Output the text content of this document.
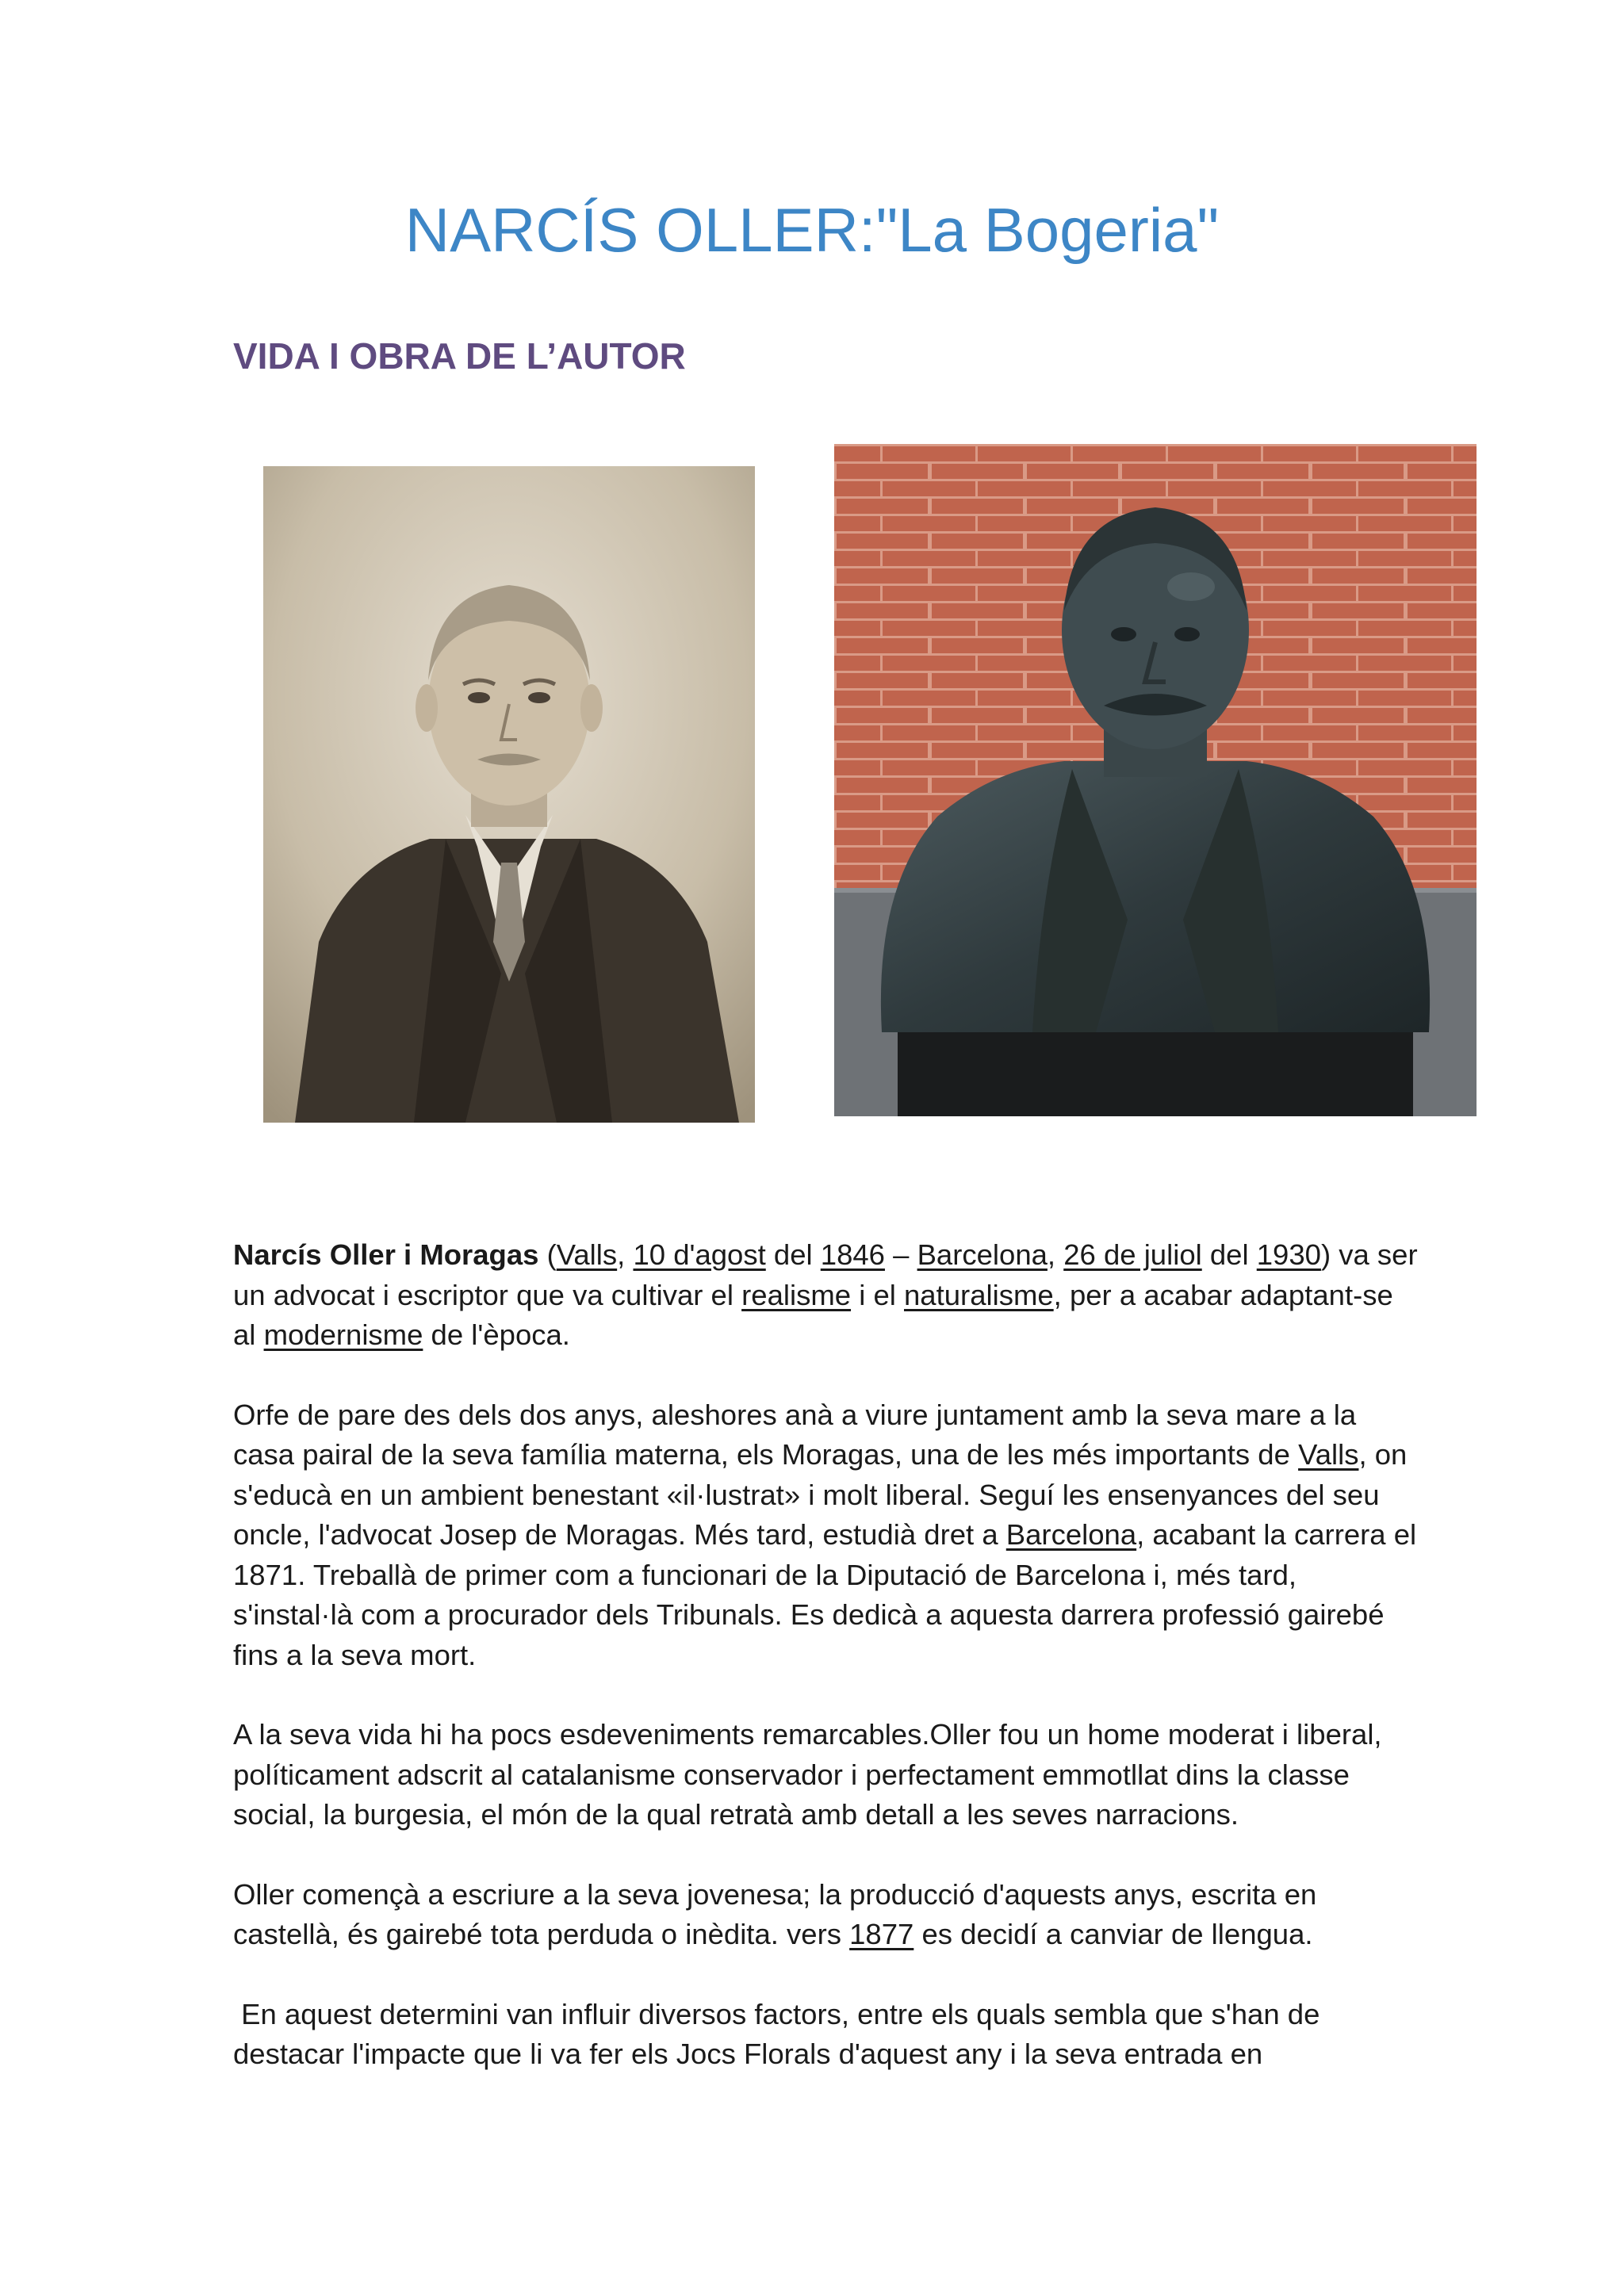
NARCÍS OLLER:"La Bogeria"
VIDA I OBRA DE L’AUTOR

Narcís Oller i Moragas (Valls, 10 d'agost del 1846 – Barcelona, 26 de juliol del 1930) va ser un advocat i escriptor que va cultivar el realisme i el naturalisme, per a acabar adaptant-se al modernisme de l'època.

Orfe de pare des dels dos anys, aleshores anà a viure juntament amb la seva mare a la casa pairal de la seva família materna, els Moragas, una de les més importants de Valls, on s'educà en un ambient benestant «il·lustrat» i molt liberal. Seguí les ensenyances del seu oncle, l'advocat Josep de Moragas. Més tard, estudià dret a Barcelona, acabant la carrera el 1871. Treballà de primer com a funcionari de la Diputació de Barcelona i, més tard, s'instal·là com a procurador dels Tribunals. Es dedicà a aquesta darrera professió gairebé fins a la seva mort.

A la seva vida hi ha pocs esdeveniments remarcables.Oller fou un home moderat i liberal, políticament adscrit al catalanisme conservador i perfectament emmotllat dins la classe social, la burgesia, el món de la qual retratà amb detall a les seves narracions.

Oller començà a escriure a la seva jovenesa; la producció d'aquests anys, escrita en castellà, és gairebé tota perduda o inèdita. vers 1877 es decidí a canviar de llengua.

En aquest determini van influir diversos factors, entre els quals sembla que s'han de destacar l'impacte que li va fer els Jocs Florals d'aquest any i la seva entrada en
